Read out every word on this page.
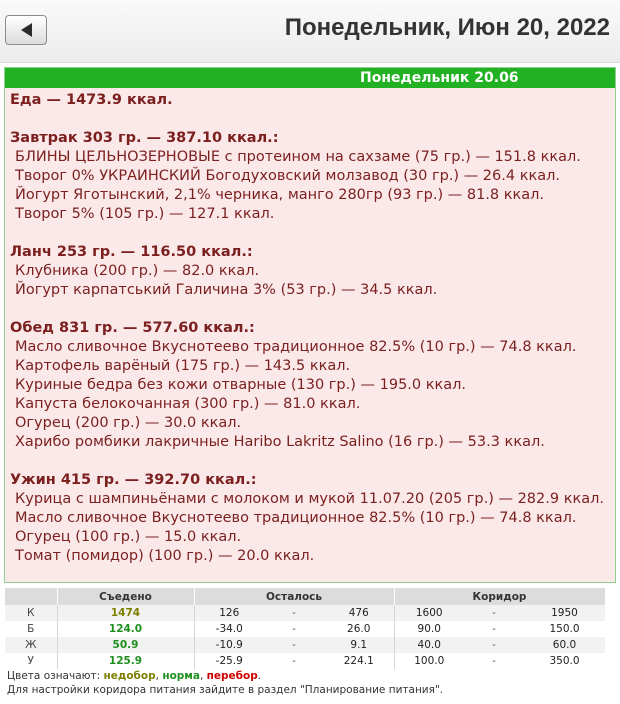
Понедельник, Июн 20, 2022
Понедельник 20.06
Еда — 1473.9 ккал.
Завтрак 303 гр. — 387.10 ккал.:
БЛИНЫ ЦЕЛЬНОЗЕРНОВЫЕ с протеином на сахзаме (75 гр.) — 151.8 ккал.
Творог 0% УКРАИНСКИЙ Богодуховский молзавод (30 гр.) — 26.4 ккал.
Йогурт Яготынский, 2,1% черника, манго 280гр (93 гр.) — 81.8 ккал.
Творог 5% (105 гр.) — 127.1 ккал.
Ланч 253 гр. — 116.50 ккал.:
Клубника (200 гр.) — 82.0 ккал.
Йогурт карпатський Галичина 3% (53 гр.) — 34.5 ккал.
Обед 831 гр. — 577.60 ккал.:
Масло сливочное Вкуснотеево традиционное 82.5% (10 гр.) — 74.8 ккал.
Картофель варёный (175 гр.) — 143.5 ккал.
Куриные бедра без кожи отварные (130 гр.) — 195.0 ккал.
Капуста белокочанная (300 гр.) — 81.0 ккал.
Огурец (200 гр.) — 30.0 ккал.
Харибо ромбики лакричные Haribo Lakritz Salino (16 гр.) — 53.3 ккал.
Ужин 415 гр. — 392.70 ккал.:
Курица с шампиньёнами с молоком и мукой 11.07.20 (205 гр.) — 282.9 ккал.
Масло сливочное Вкуснотеево традиционное 82.5% (10 гр.) — 74.8 ккал.
Огурец (100 гр.) — 15.0 ккал.
Томат (помидор) (100 гр.) — 20.0 ккал.
	Съедено	Осталось			Коридор		
К	1474	126	-	476	1600	-	1950
Б	124.0	-34.0	-	26.0	90.0	-	150.0
Ж	50.9	-10.9	-	9.1	40.0	-	60.0
У	125.9	-25.9	-	224.1	100.0	-	350.0
Цвета означают: недобор, норма, перебор.
Для настройки коридора питания зайдите в раздел "Планирование питания".
